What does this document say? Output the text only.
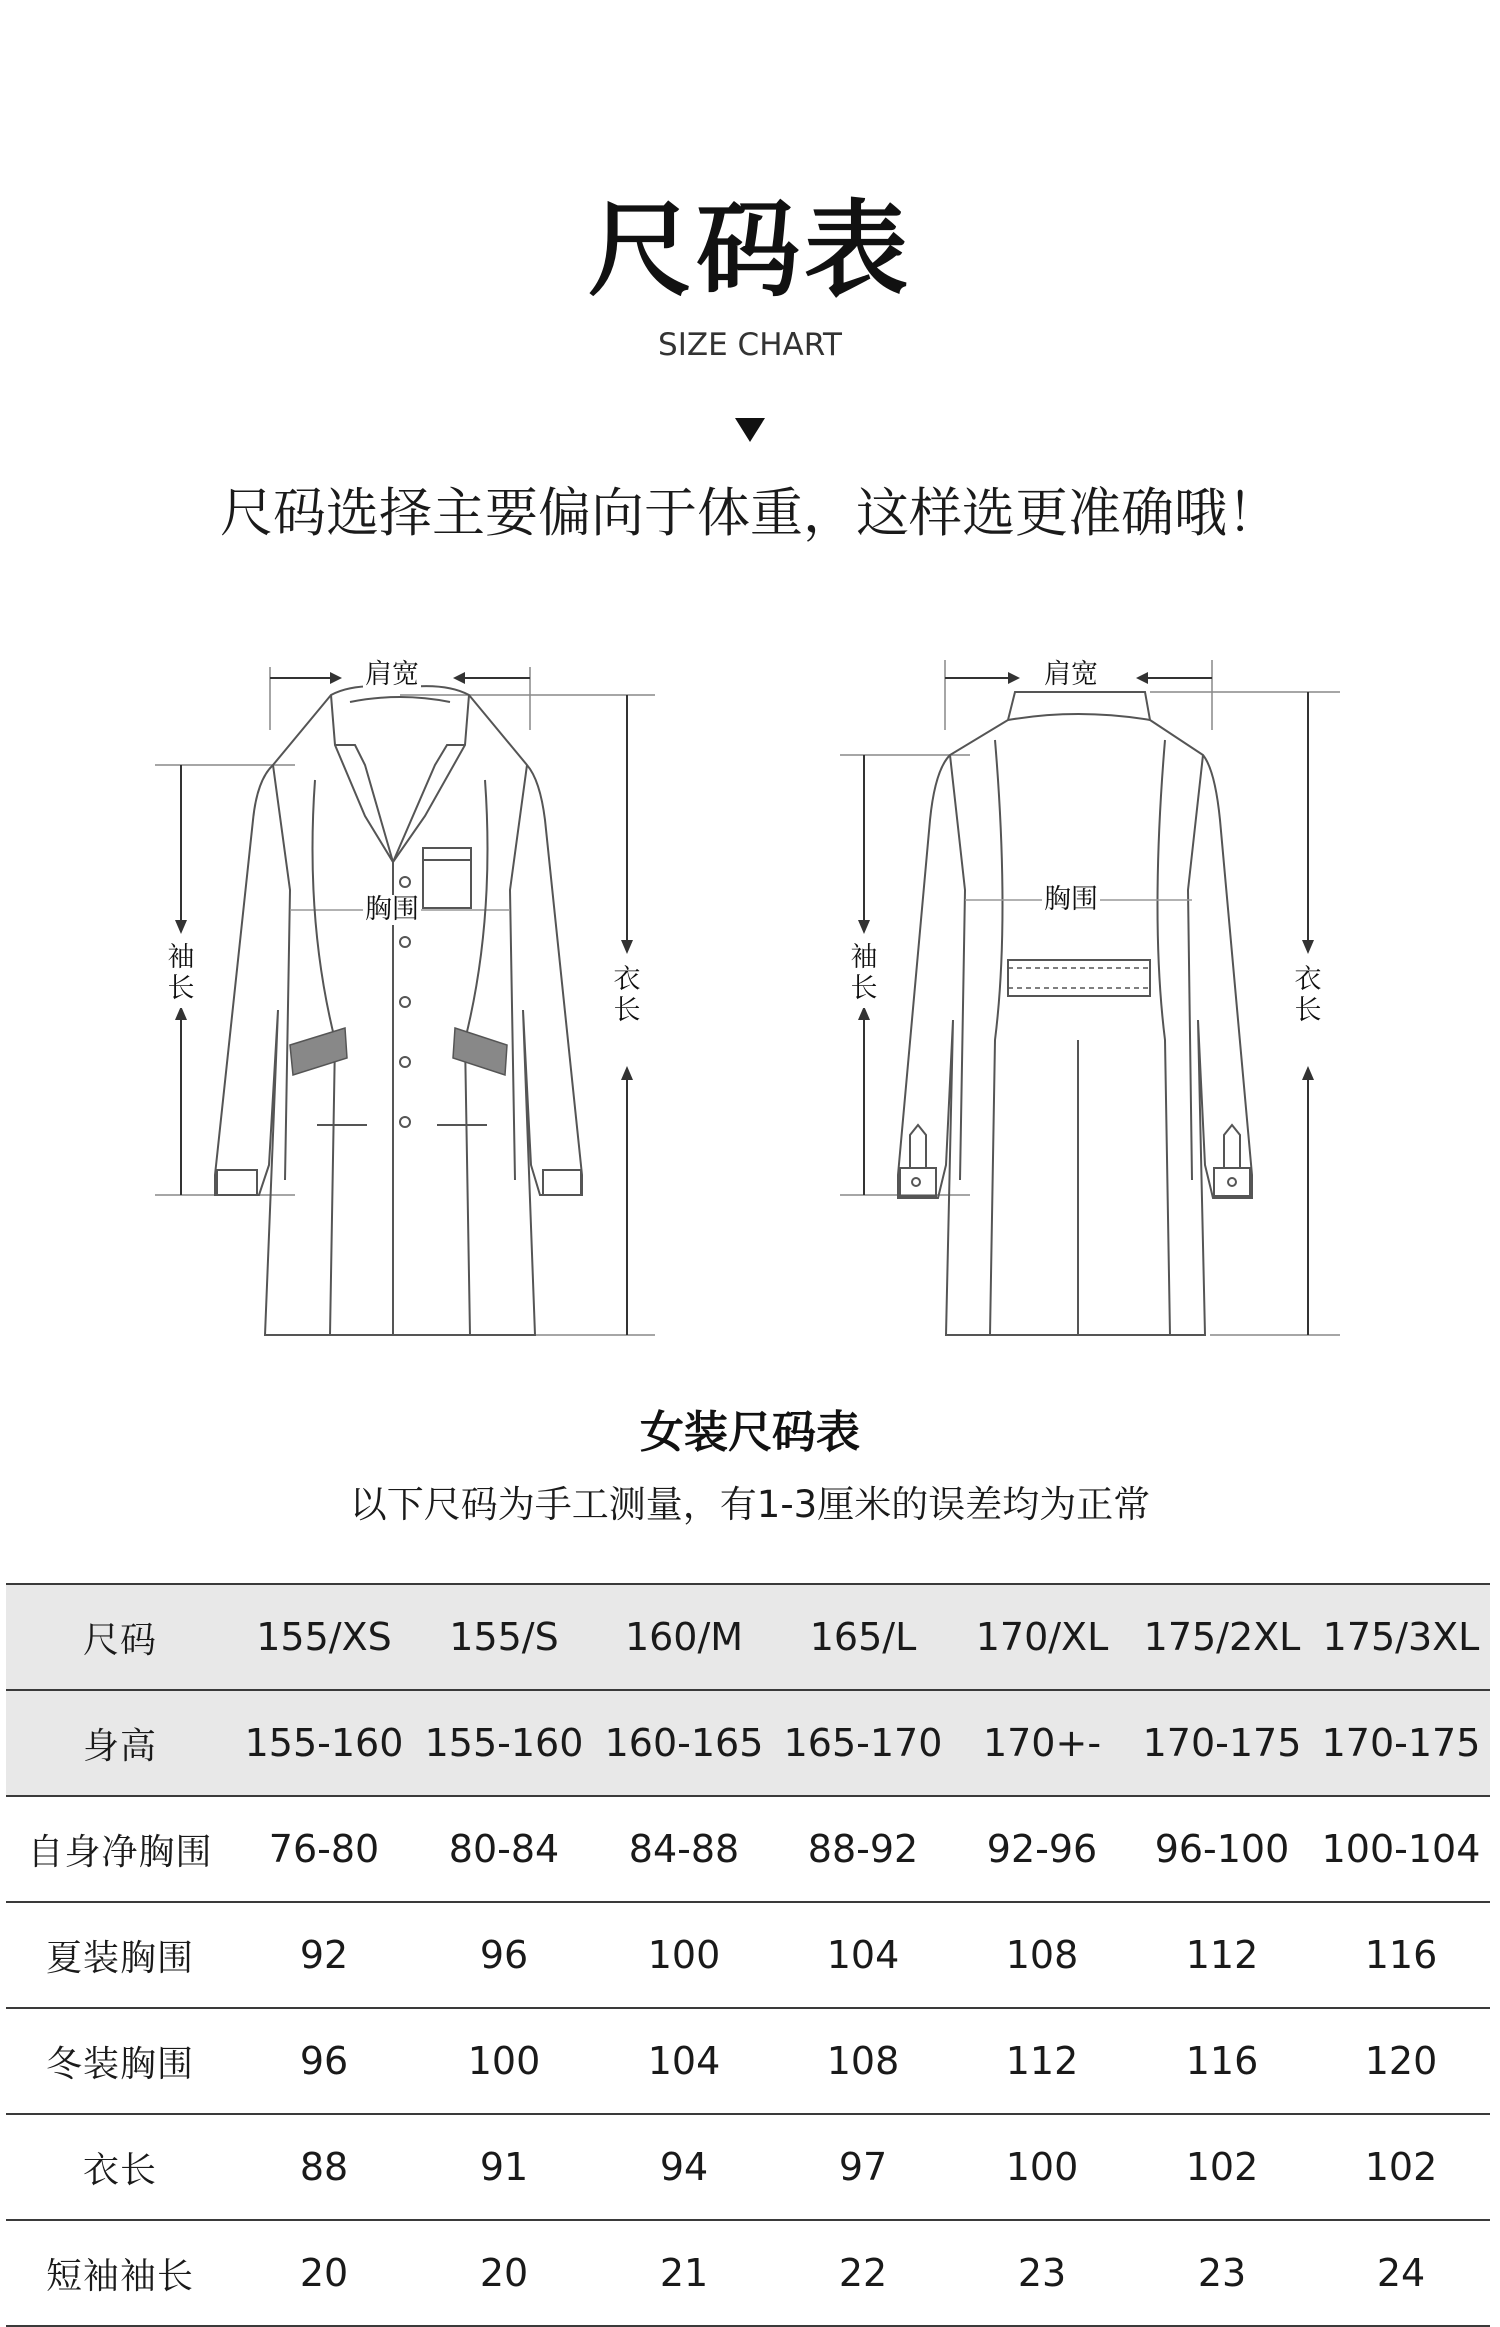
尺码表
SIZE CHART
尺码选择主要偏向于体重，这样选更准确哦！
肩宽
胸围
袖长	衣长
肩宽
胸围
袖长	衣长
女装尺码表
以下尺码为手工测量，有1-3厘米的误差均为正常
尺码	155/XS	155/S	160/M	165/L	170/XL	175/2XL	175/3XL
身高	155-160	155-160	160-165	165-170	170+-	170-175	170-175
自身净胸围	76-80	80-84	84-88	88-92	92-96	96-100	100-104
夏装胸围	92	96	100	104	108	112	116
冬装胸围	96	100	104	108	112	116	120
衣长	88	91	94	97	100	102	102
短袖袖长	20	20	21	22	23	23	24
